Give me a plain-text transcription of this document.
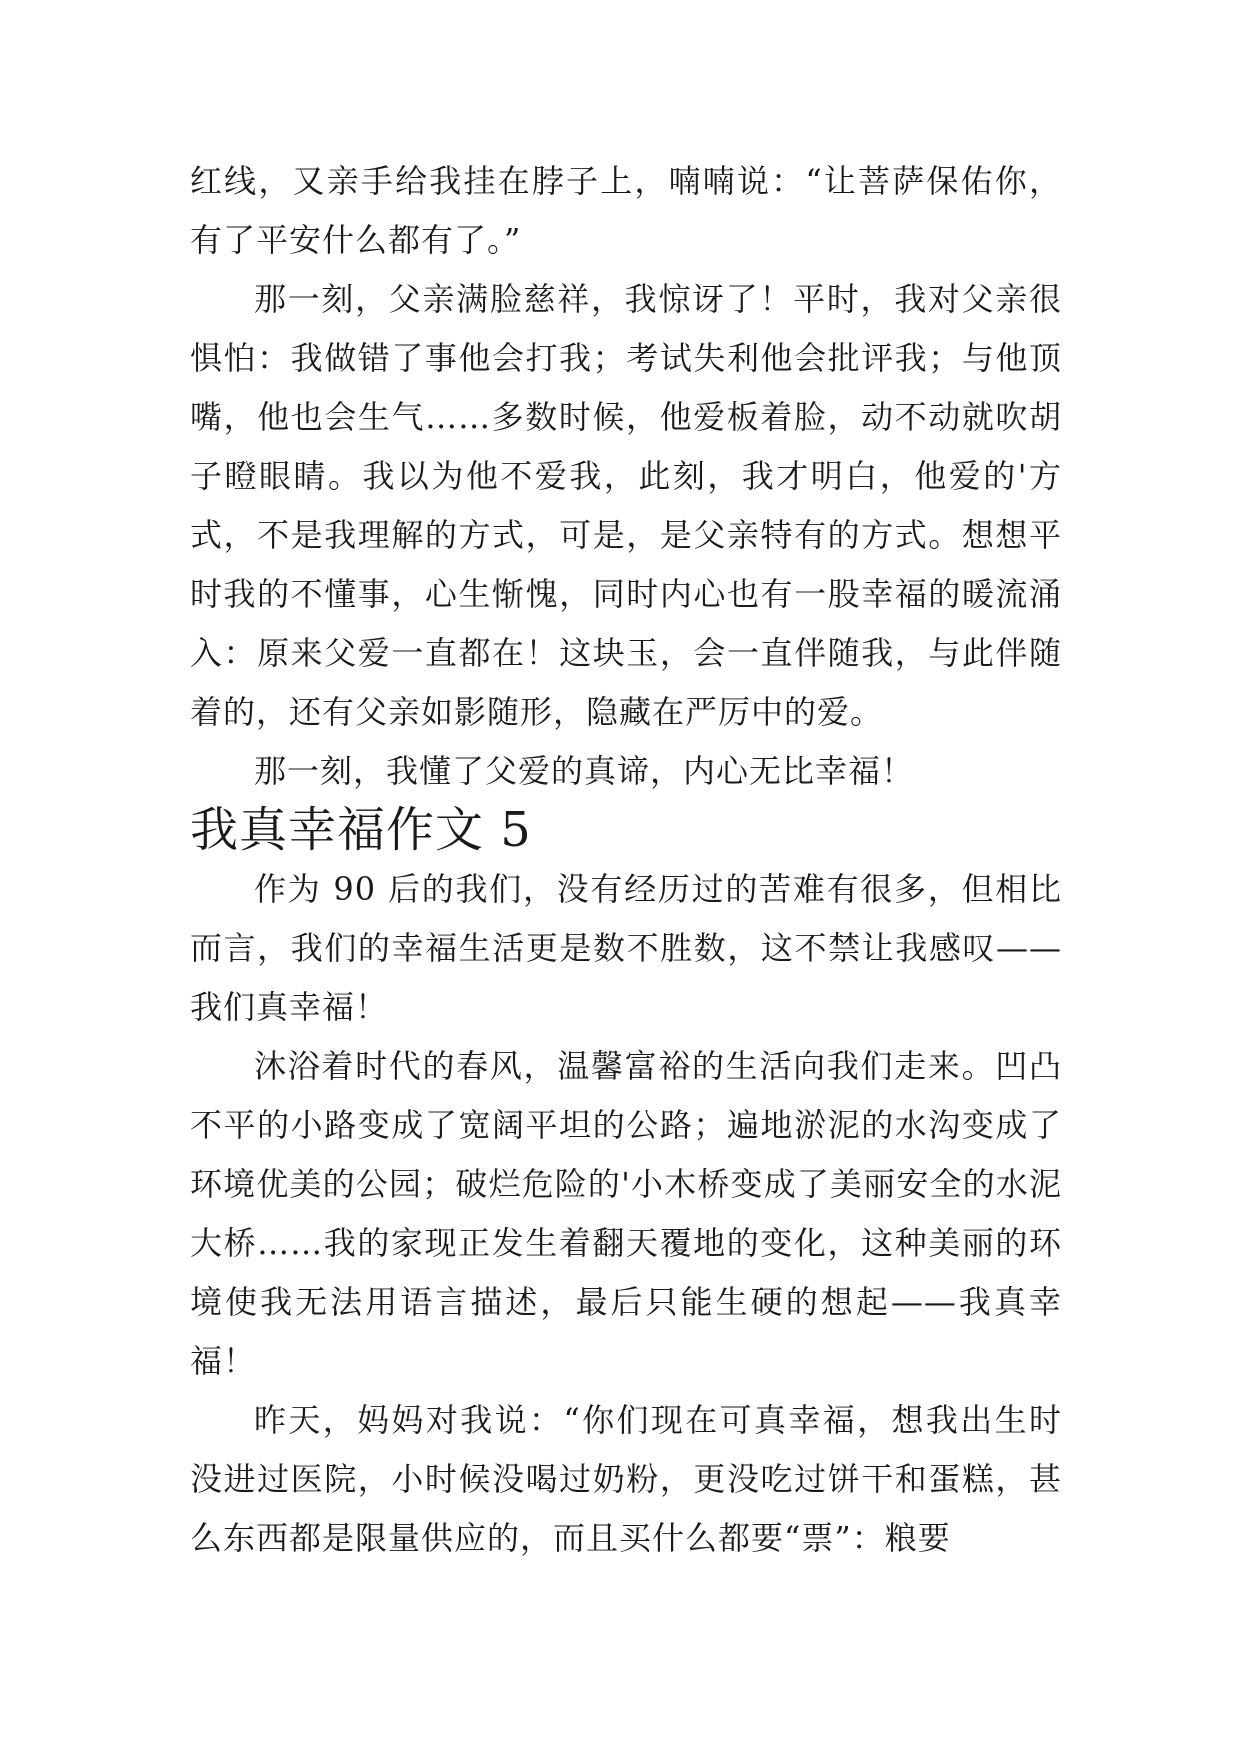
红线，又亲手给我挂在脖子上，喃喃说：“让菩萨保佑你，有了平安什么都有了。”

那一刻，父亲满脸慈祥，我惊讶了！平时，我对父亲很惧怕：我做错了事他会打我；考试失利他会批评我；与他顶嘴，他也会生气……多数时候，他爱板着脸，动不动就吹胡子瞪眼睛。我以为他不爱我，此刻，我才明白，他爱的'方式，不是我理解的方式，可是，是父亲特有的方式。想想平时我的不懂事，心生惭愧，同时内心也有一股幸福的暖流涌入：原来父爱一直都在！这块玉，会一直伴随我，与此伴随着的，还有父亲如影随形，隐藏在严厉中的爱。

那一刻，我懂了父爱的真谛，内心无比幸福！

我真幸福作文 5

作为 90 后的我们，没有经历过的苦难有很多，但相比而言，我们的幸福生活更是数不胜数，这不禁让我感叹——我们真幸福！

沐浴着时代的春风，温馨富裕的生活向我们走来。凹凸不平的小路变成了宽阔平坦的公路；遍地淤泥的水沟变成了环境优美的公园；破烂危险的'小木桥变成了美丽安全的水泥大桥……我的家现正发生着翻天覆地的变化，这种美丽的环境使我无法用语言描述，最后只能生硬的想起——我真幸福！

昨天，妈妈对我说：“你们现在可真幸福，想我出生时没进过医院，小时候没喝过奶粉，更没吃过饼干和蛋糕，甚么东西都是限量供应的，而且买什么都要“票”：粮要
